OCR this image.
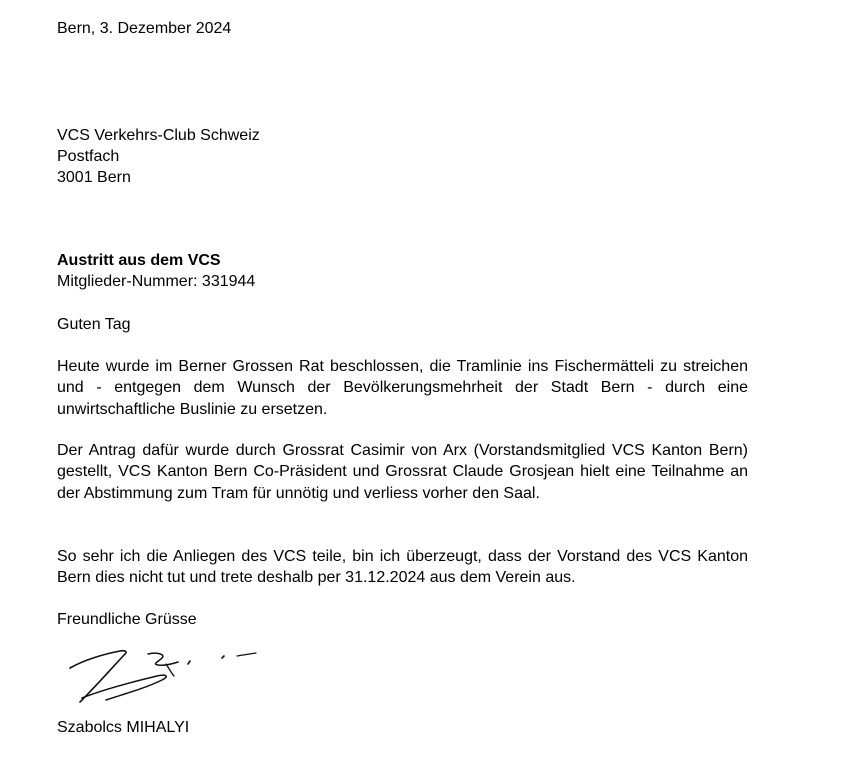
Bern, 3. Dezember 2024
VCS Verkehrs-Club Schweiz
Postfach
3001 Bern
Austritt aus dem VCS
Mitglieder-Nummer: 331944
Guten Tag
Heute wurde im Berner Grossen Rat beschlossen, die Tramlinie ins Fischermätteli zu streichen und - entgegen dem Wunsch der Bevölkerungsmehrheit der Stadt Bern - durch eine unwirtschaftliche Buslinie zu ersetzen.
Der Antrag dafür wurde durch Grossrat Casimir von Arx (Vorstandsmitglied VCS Kanton Bern) gestellt, VCS Kanton Bern Co-Präsident und Grossrat Claude Grosjean hielt eine Teilnahme an der Abstimmung zum Tram für unnötig und verliess vorher den Saal.
So sehr ich die Anliegen des VCS teile, bin ich überzeugt, dass der Vorstand des VCS Kanton Bern dies nicht tut und trete deshalb per 31.12.2024 aus dem Verein aus.
Freundliche Grüsse
Szabolcs MIHALYI
